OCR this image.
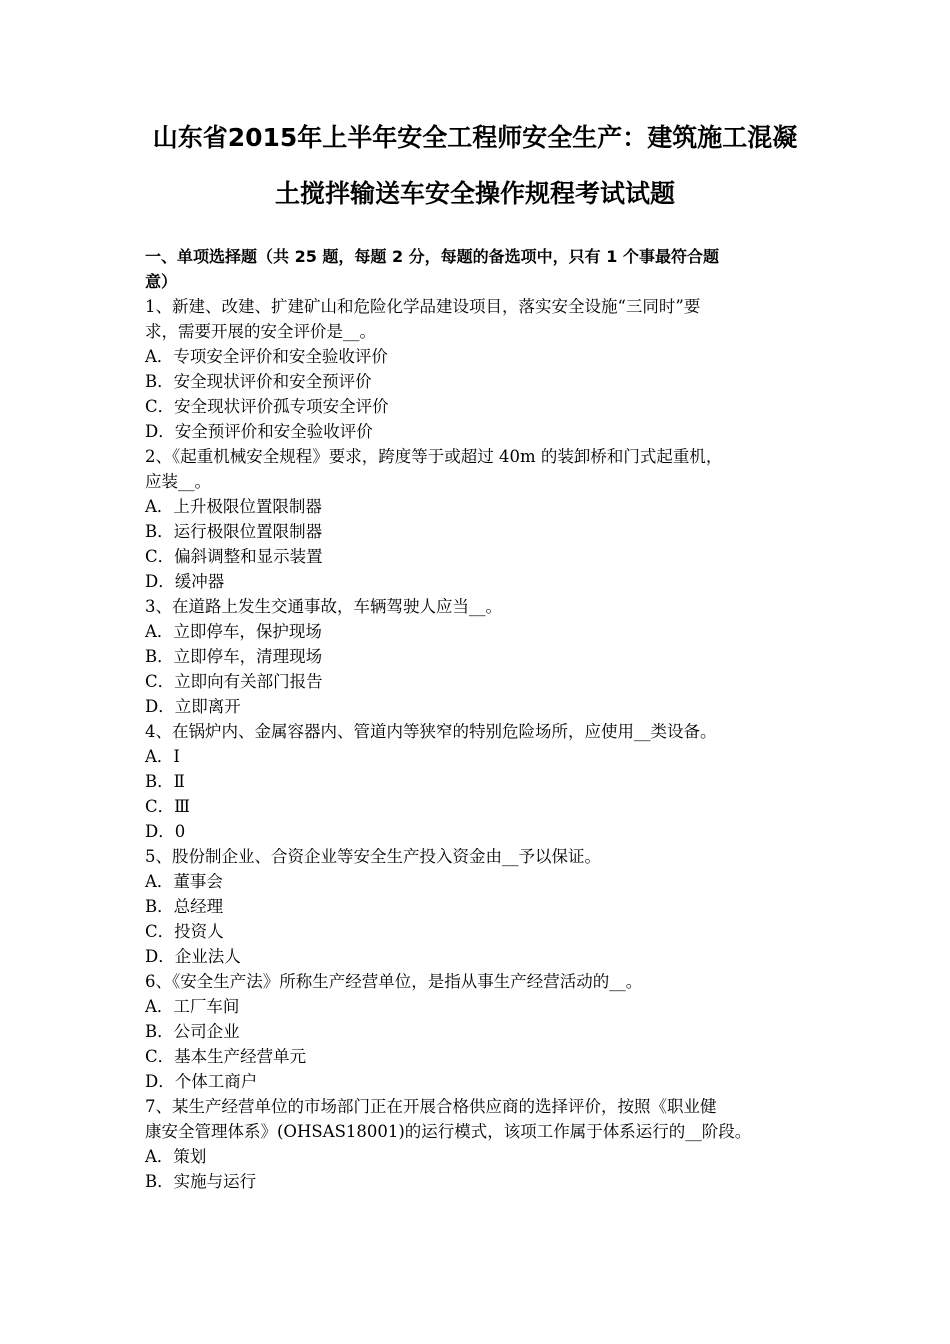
山东省2015年上半年安全工程师安全生产：建筑施工混凝
土搅拌输送车安全操作规程考试试题
一、单项选择题（共 25 题，每题 2 分，每题的备选项中，只有 1 个事最符合题
意）
1、新建、改建、扩建矿山和危险化学品建设项目，落实安全设施“三同时”要
求，需要开展的安全评价是__。
A．专项安全评价和安全验收评价
B．安全现状评价和安全预评价
C．安全现状评价孤专项安全评价
D．安全预评价和安全验收评价
2、《起重机械安全规程》要求，跨度等于或超过 40m 的装卸桥和门式起重机，
应装__。
A．上升极限位置限制器
B．运行极限位置限制器
C．偏斜调整和显示装置
D．缓冲器
3、在道路上发生交通事故，车辆驾驶人应当__。
A．立即停车，保护现场
B．立即停车，清理现场
C．立即向有关部门报告
D．立即离开
4、在锅炉内、金属容器内、管道内等狭窄的特别危险场所，应使用__类设备。
A．Ⅰ
B．Ⅱ
C．Ⅲ
D．0
5、股份制企业、合资企业等安全生产投入资金由__予以保证。
A．董事会
B．总经理
C．投资人
D．企业法人
6、《安全生产法》所称生产经营单位，是指从事生产经营活动的__。
A．工厂车间
B．公司企业
C．基本生产经营单元
D．个体工商户
7、某生产经营单位的市场部门正在开展合格供应商的选择评价，按照《职业健
康安全管理体系》(OHSAS18001)的运行模式，该项工作属于体系运行的__阶段。
A．策划
B．实施与运行
